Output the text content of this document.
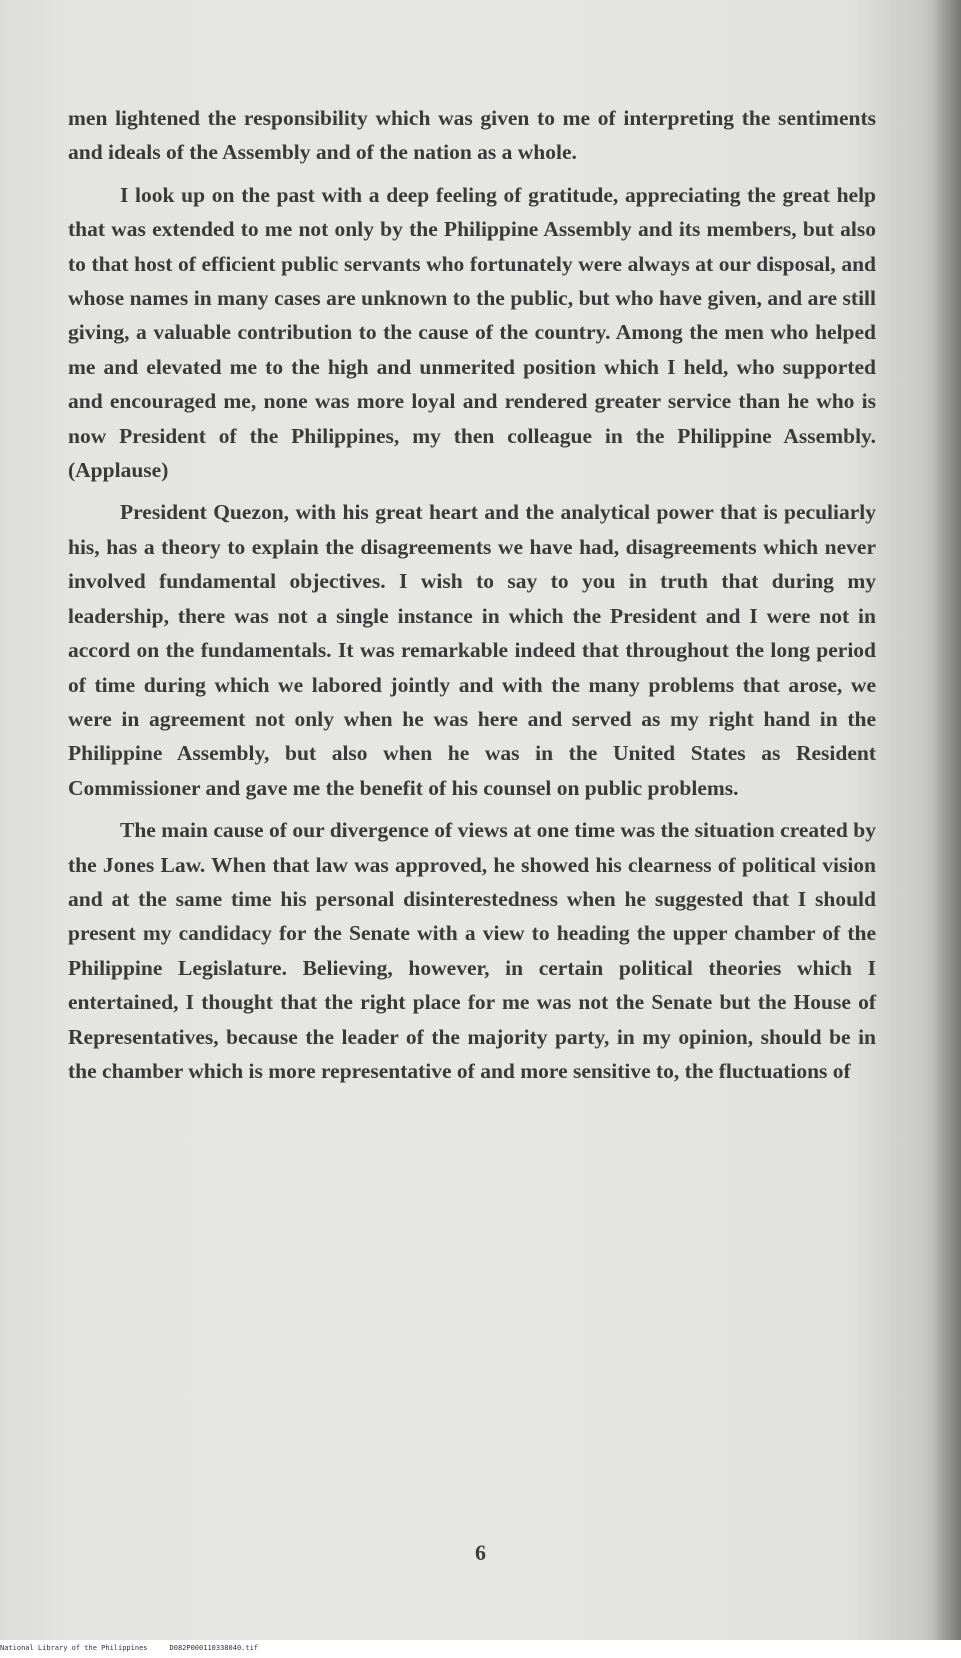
men lightened the responsibility which was given to me of interpreting the sentiments and ideals of the Assembly and of the nation as a whole.

I look up on the past with a deep feeling of gratitude, appreciating the great help that was extended to me not only by the Philippine Assembly and its members, but also to that host of efficient public servants who fortunately were always at our disposal, and whose names in many cases are unknown to the public, but who have given, and are still giving, a valuable contribution to the cause of the country. Among the men who helped me and elevated me to the high and unmerited position which I held, who supported and encouraged me, none was more loyal and rendered greater service than he who is now President of the Philippines, my then colleague in the Philippine Assembly. (Applause)

President Quezon, with his great heart and the analytical power that is peculiarly his, has a theory to explain the disagreements we have had, disagreements which never involved fundamental objectives. I wish to say to you in truth that during my leadership, there was not a single instance in which the President and I were not in accord on the fundamentals. It was remarkable indeed that throughout the long period of time during which we labored jointly and with the many problems that arose, we were in agreement not only when he was here and served as my right hand in the Philippine Assembly, but also when he was in the United States as Resident Commissioner and gave me the benefit of his counsel on public problems.

The main cause of our divergence of views at one time was the situation created by the Jones Law. When that law was approved, he showed his clearness of political vision and at the same time his personal disinterestedness when he suggested that I should present my candidacy for the Senate with a view to heading the upper chamber of the Philippine Legislature. Believing, however, in certain political theories which I entertained, I thought that the right place for me was not the Senate but the House of Representatives, because the leader of the majority party, in my opinion, should be in the chamber which is more representative of and more sensitive to, the fluctuations of

6
National Library of the Philippines	D082P000110338040.tif
